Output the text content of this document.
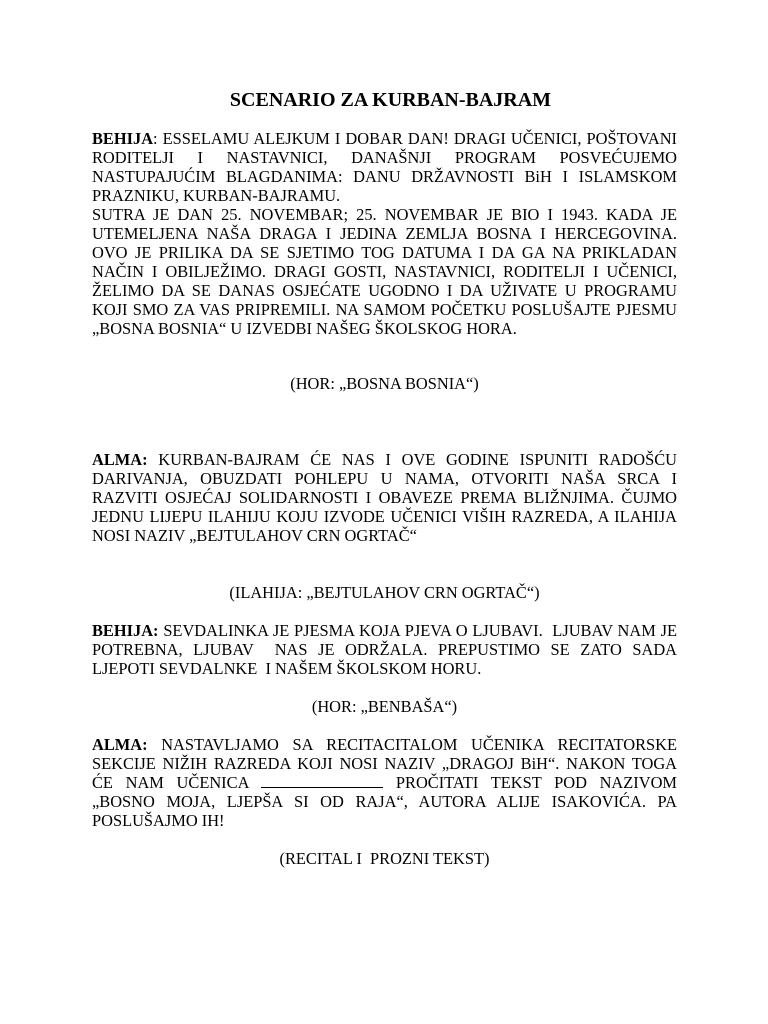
SCENARIO ZA KURBAN-BAJRAM
BEHIJA: ESSELAMU ALEJKUM I DOBAR DAN! DRAGI UČENICI, POŠTOVANI RODITELJI I NASTAVNICI, DANAŠNJI PROGRAM POSVEĆUJEMO NASTUPAJUĆIM BLAGDANIMA: DANU DRŽAVNOSTI BiH I ISLAMSKOM PRAZNIKU, KURBAN-BAJRAMU.
SUTRA JE DAN 25. NOVEMBAR; 25. NOVEMBAR JE BIO I 1943. KADA JE UTEMELJENA NAŠA DRAGA I JEDINA ZEMLJA BOSNA I HERCEGOVINA. OVO JE PRILIKA DA SE SJETIMO TOG DATUMA I DA GA NA PRIKLADAN NAČIN I OBILJEŽIMO. DRAGI GOSTI, NASTAVNICI, RODITELJI I UČENICI, ŽELIMO DA SE DANAS OSJEĆATE UGODNO I DA UŽIVATE U PROGRAMU KOJI SMO ZA VAS PRIPREMILI. NA SAMOM POČETKU POSLUŠAJTE PJESMU „BOSNA BOSNIA“ U IZVEDBI NAŠEG ŠKOLSKOG HORA.
(HOR: „BOSNA BOSNIA“)
ALMA: KURBAN-BAJRAM ĆE NAS I OVE GODINE ISPUNITI RADOŠĆU DARIVANJA, OBUZDATI POHLEPU U NAMA, OTVORITI NAŠA SRCA I RAZVITI OSJEĆAJ SOLIDARNOSTI I OBAVEZE PREMA BLIŽNJIMA. ČUJMO JEDNU LIJEPU ILAHIJU KOJU IZVODE UČENICI VIŠIH RAZREDA, A ILAHIJA NOSI NAZIV „BEJTULAHOV CRN OGRTAČ“
(ILAHIJA: „BEJTULAHOV CRN OGRTAČ“)
BEHIJA: SEVDALINKA JE PJESMA KOJA PJEVA O LJUBAVI.  LJUBAV NAM JE POTREBNA, LJUBAV  NAS JE ODRŽALA. PREPUSTIMO SE ZATO SADA LJEPOTI SEVDALNKE  I NAŠEM ŠKOLSKOM HORU.
(HOR: „BENBAŠA“)
ALMA: NASTAVLJAMO SA RECITACITALOM UČENIKA RECITATORSKE SEKCIJE NIŽIH RAZREDA KOJI NOSI NAZIV „DRAGOJ BiH“. NAKON TOGA ĆE NAM UČENICA	PROČITATI TEKST POD NAZIVOM „BOSNO MOJA, LJEPŠA SI OD RAJA“, AUTORA ALIJE ISAKOVIĆA. PA POSLUŠAJMO IH!
(RECITAL I  PROZNI TEKST)
